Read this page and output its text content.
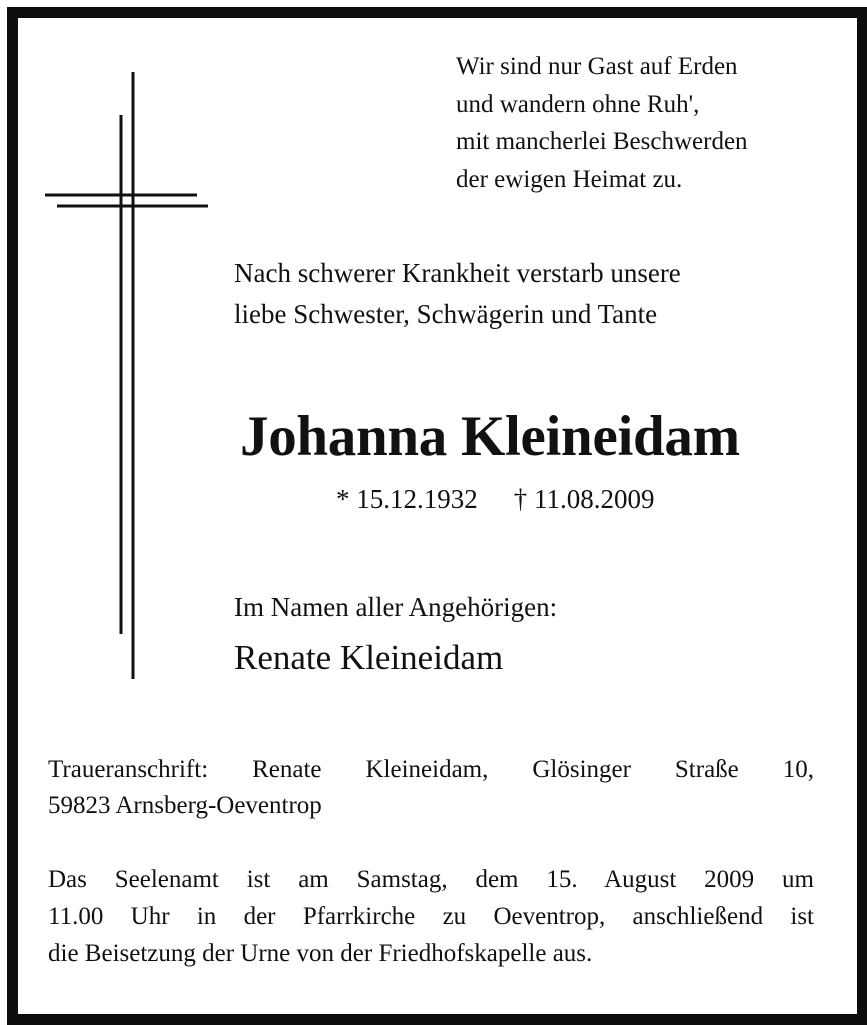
Wir sind nur Gast auf Erden
und wandern ohne Ruh',
mit mancherlei Beschwerden
der ewigen Heimat zu.
Nach schwerer Krankheit verstarb unsere
liebe Schwester, Schwägerin und Tante
Johanna Kleineidam
* 15.12.1932 † 11.08.2009
Im Namen aller Angehörigen:
Renate Kleineidam
Traueranschrift: Renate Kleineidam, Glösinger Straße 10,
59823 Arnsberg-Oeventrop
Das Seelenamt ist am Samstag, dem 15. August 2009 um
11.00 Uhr in der Pfarrkirche zu Oeventrop, anschließend ist
die Beisetzung der Urne von der Friedhofskapelle aus.
